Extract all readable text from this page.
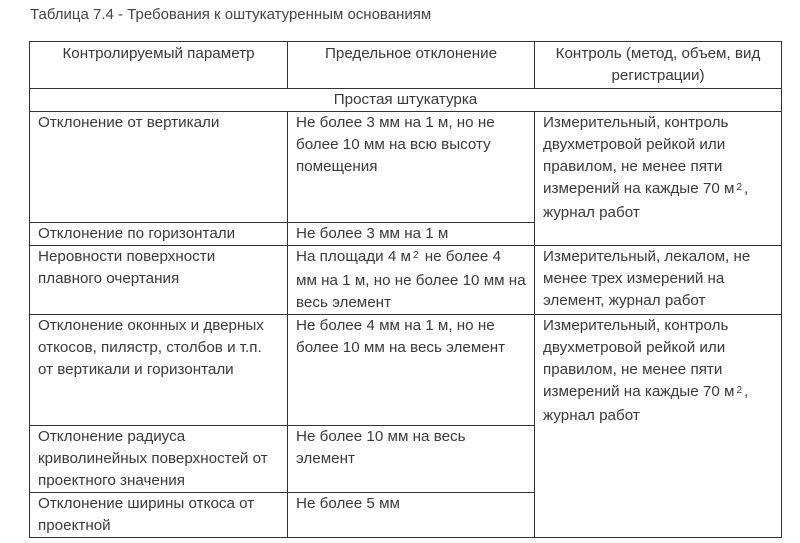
Таблица 7.4 - Требования к оштукатуренным основаниям
Контролируемый параметр	Предельное отклонение	Контроль (метод, объем, вид регистрации)
Простая штукатурка		
Отклонение от вертикали	Не более 3 мм на 1 м, но не более 10 мм на всю высоту помещения	Измерительный, контроль двухметровой рейкой или правилом, не менее пяти измерений на каждые 70 м $^2$ , журнал работ
Отклонение по горизонтали	Не более 3 мм на 1 м	
Неровности поверхности плавного очертания	На площади 4 м $^2$ не более 4 мм на 1 м, но не более 10 мм на весь элемент	Измерительный, лекалом, не менее трех измерений на элемент, журнал работ
Отклонение оконных и дверных откосов, пилястр, столбов и т.п. от вертикали и горизонтали	Не более 4 мм на 1 м, но не более 10 мм на весь элемент	Измерительный, контроль двухметровой рейкой или правилом, не менее пяти измерений на каждые 70 м $^2$ , журнал работ
Отклонение радиуса криволинейных поверхностей от проектного значения	Не более 10 мм на весь элемент	
Отклонение ширины откоса от проектной	Не более 5 мм	
